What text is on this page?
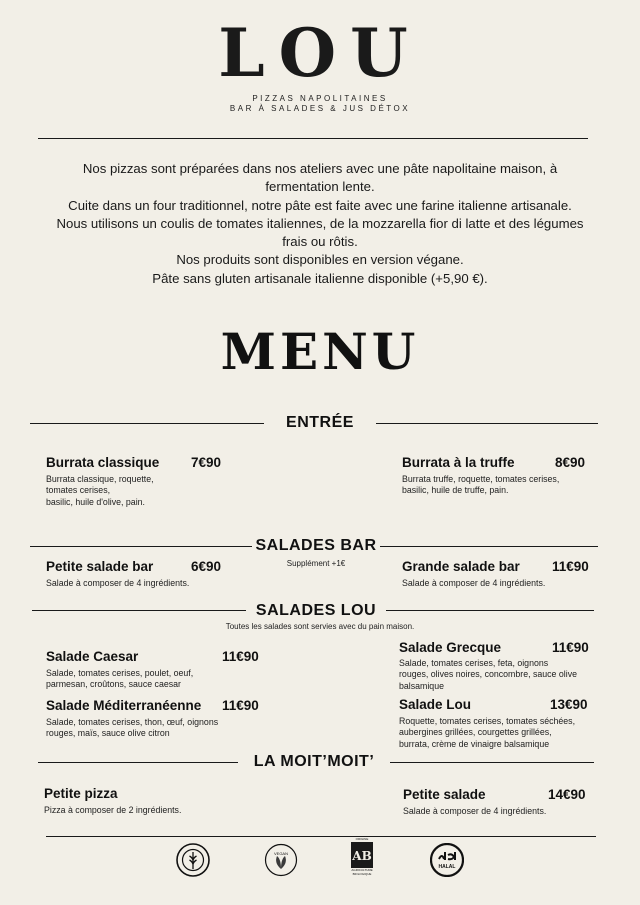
LOU
PIZZAS NAPOLITAINES
BAR À SALADES & JUS DÉTOX
Nos pizzas sont préparées dans nos ateliers avec une pâte napolitaine maison, à
fermentation lente.
Cuite dans un four traditionnel, notre pâte est faite avec une farine italienne artisanale.
Nous utilisons un coulis de tomates italiennes, de la mozzarella fior di latte et des légumes
frais ou rôtis.
Nos produits sont disponibles en version végane.
Pâte sans gluten artisanale italienne disponible (+5,90 €).
MENU
ENTRÉE
Burrata classique 7€90
Burrata classique, roquette,
tomates cerises,
basilic, huile d'olive, pain.
Burrata à la truffe	8€90
Burrata truffe, roquette, tomates cerises,
basilic, huile de truffe, pain.
SALADES BAR
Supplément +1€
Petite salade bar	6€90
Salade à composer de 4 ingrédients.
Grande salade bar 11€90
Salade à composer de 4 ingrédients.
SALADES LOU
Toutes les salades sont servies avec du pain maison.
Salade Caesar	11€90
Salade, tomates cerises, poulet, oeuf,
parmesan, croûtons, sauce caesar
Salade Méditerranéenne 11€90
Salade, tomates cerises, thon, œuf, oignons
rouges, maïs, sauce olive citron
Salade Grecque	11€90
Salade, tomates cerises, feta, oignons
rouges, olives noires, concombre, sauce olive
balsamique
Salade Lou	13€90
Roquette, tomates cerises, tomates séchées,
aubergines grillées, courgettes grillées,
burrata, crème de vinaigre balsamique
LA MOIT’MOIT’
Petite pizza
Pizza à composer de 2 ingrédients.
Petite salade	14€90
Salade à composer de 4 ingrédients.
VEGAN	AB
AGRICULTURE BIOLOGIQUE
ORIGINE
HALAL
